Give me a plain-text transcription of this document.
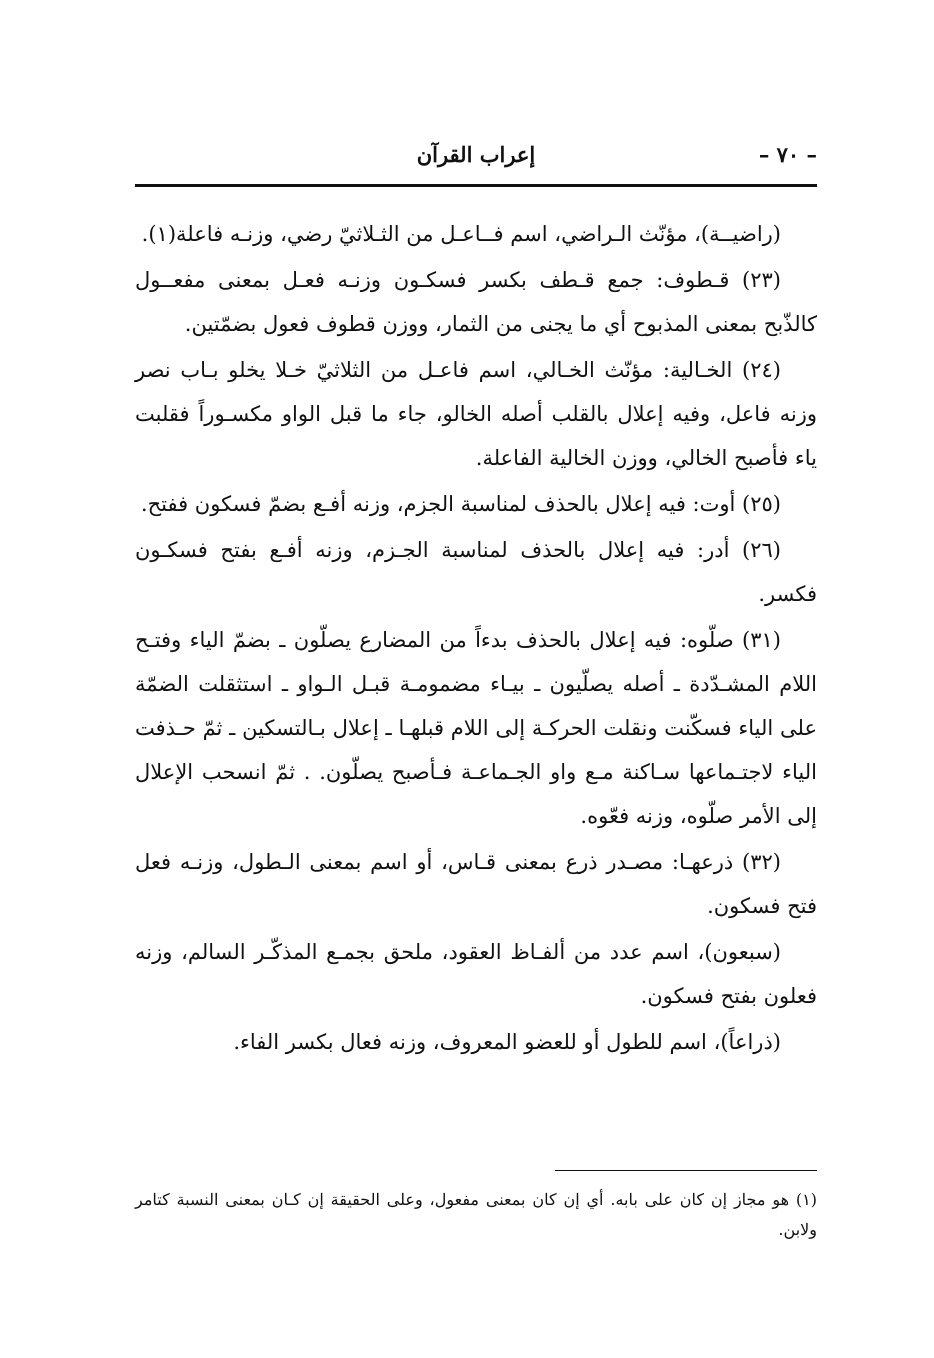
– ٧٠ –
إعراب القرآن

(راضيــة)، مؤنّث الـراضي، اسم فــاعـل من الثـلاثيّ رضي، وزنـه فاعلة(١).

(٢٣) قـطوف: جمع قـطف بكسر فسكـون وزنـه فعـل بمعنى مفعــول كالذّبح بمعنى المذبوح أي ما يجنى من الثمار، ووزن قطوف فعول بضمّتين.

(٢٤) الخـالية: مؤنّث الخـالي، اسم فاعـل من الثلاثيّ خـلا يخلو بـاب نصر وزنه فاعل، وفيه إعلال بالقلب أصله الخالو، جاء ما قبل الواو مكسـوراً فقلبت ياء فأصبح الخالي، ووزن الخالية الفاعلة.

(٢٥) أوت: فيه إعلال بالحذف لمناسبة الجزم، وزنه أفـع بضمّ فسكون ففتح.

(٢٦) أدر: فيه إعلال بالحذف لمناسبة الجـزم، وزنه أفـع بفتح فسكـون فكسر.

(٣١) صلّوه: فيه إعلال بالحذف بدءاً من المضارع يصلّون ـ بضمّ الياء وفتـح اللام المشـدّدة ـ أصله يصلّيون ـ بيـاء مضمومـة قبـل الـواو ـ استثقلت الضمّة على الياء فسكّنت ونقلت الحركـة إلى اللام قبلهـا ـ إعلال بـالتسكين ـ ثمّ حـذفت الياء لاجتـماعها سـاكنة مـع واو الجـماعـة فـأصبح يصلّون. . ثمّ انسحب الإعلال إلى الأمر صلّوه، وزنه فعّوه.

(٣٢) ذرعهـا: مصـدر ذرع بمعنى قـاس، أو اسم بمعنى الـطول، وزنـه فعل فتح فسكون.

(سبعون)، اسم عدد من ألفـاظ العقود، ملحق بجمـع المذكّـر السالم، وزنه فعلون بفتح فسكون.

(ذراعاً)، اسم للطول أو للعضو المعروف، وزنه فعال بكسر الفاء.

(١) هو مجاز إن كان على بابه. أي إن كان بمعنى مفعول، وعلى الحقيقة إن كـان بمعنى النسبة كتامر ولابن.
